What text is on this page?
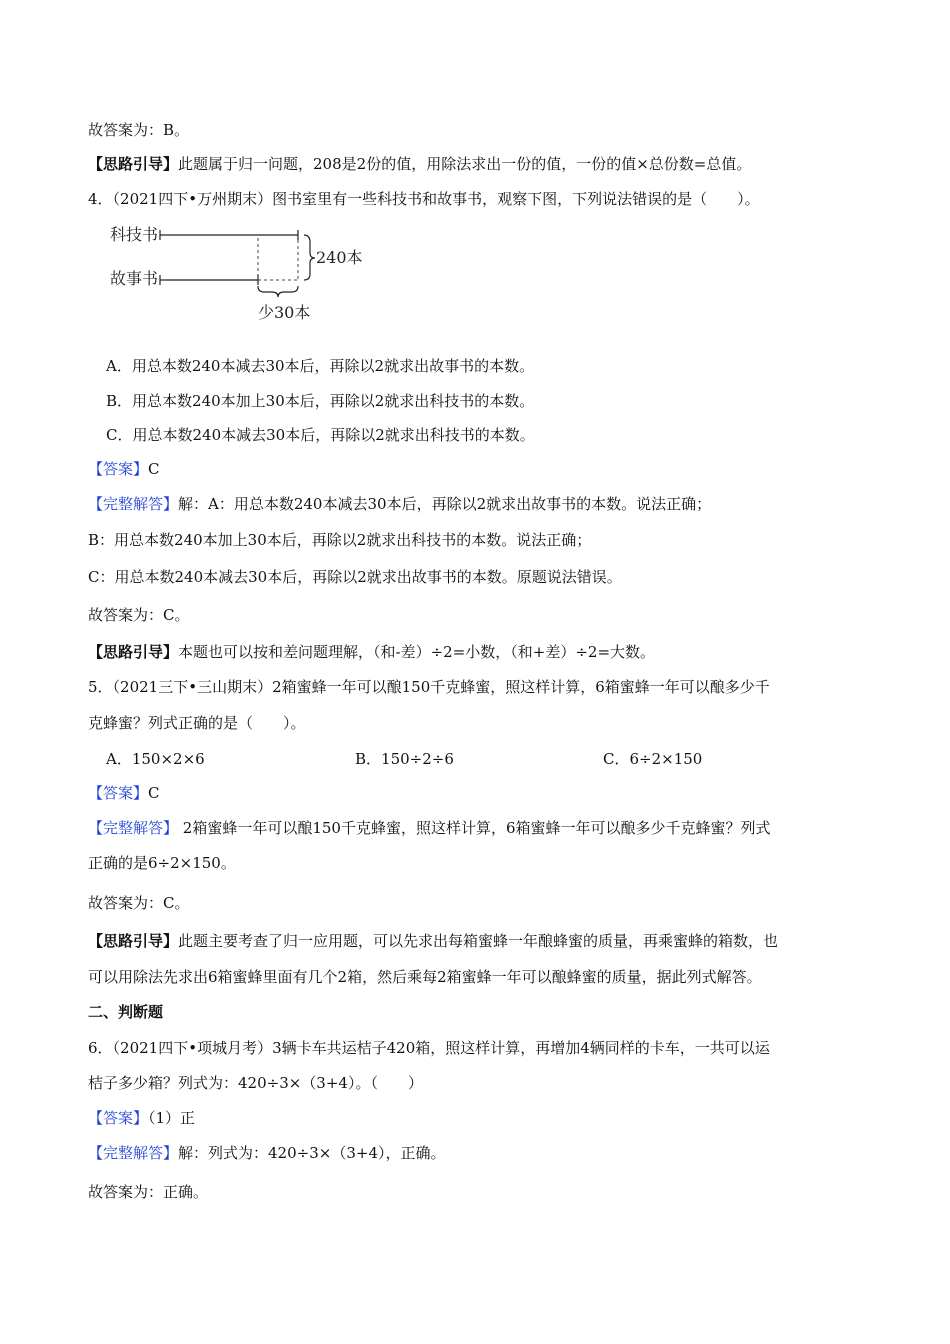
故答案为：B。
【思路引导】此题属于归一问题，208是2份的值，用除法求出一份的值，一份的值×总份数=总值。
4．（2021四下•万州期末）图书室里有一些科技书和故事书，观察下图，下列说法错误的是（　　）。
科技书
故事书
240本
少30本
A．用总本数240本减去30本后，再除以2就求出故事书的本数。
B．用总本数240本加上30本后，再除以2就求出科技书的本数。
C．用总本数240本减去30本后，再除以2就求出科技书的本数。
【答案】C
【完整解答】解：A：用总本数240本减去30本后，再除以2就求出故事书的本数。说法正确；
B：用总本数240本加上30本后，再除以2就求出科技书的本数。说法正确；
C：用总本数240本减去30本后，再除以2就求出故事书的本数。原题说法错误。
故答案为：C。
【思路引导】本题也可以按和差问题理解，（和-差）÷2=小数，（和+差）÷2=大数。
5．（2021三下•三山期末）2箱蜜蜂一年可以酿150千克蜂蜜，照这样计算，6箱蜜蜂一年可以酿多少千
克蜂蜜？列式正确的是（　　）。
A．150×2×6	B．150÷2÷6	C．6÷2×150
【答案】C
【完整解答】 2箱蜜蜂一年可以酿150千克蜂蜜，照这样计算，6箱蜜蜂一年可以酿多少千克蜂蜜？列式
正确的是6÷2×150。
故答案为：C。
【思路引导】此题主要考查了归一应用题，可以先求出每箱蜜蜂一年酿蜂蜜的质量，再乘蜜蜂的箱数，也
可以用除法先求出6箱蜜蜂里面有几个2箱，然后乘每2箱蜜蜂一年可以酿蜂蜜的质量，据此列式解答。
二、判断题
6．（2021四下•项城月考）3辆卡车共运桔子420箱，照这样计算，再增加4辆同样的卡车，一共可以运
桔子多少箱？列式为：420÷3×（3+4）。（　　）
【答案】（1）正
【完整解答】解：列式为：420÷3×（3+4），正确。
故答案为：正确。
